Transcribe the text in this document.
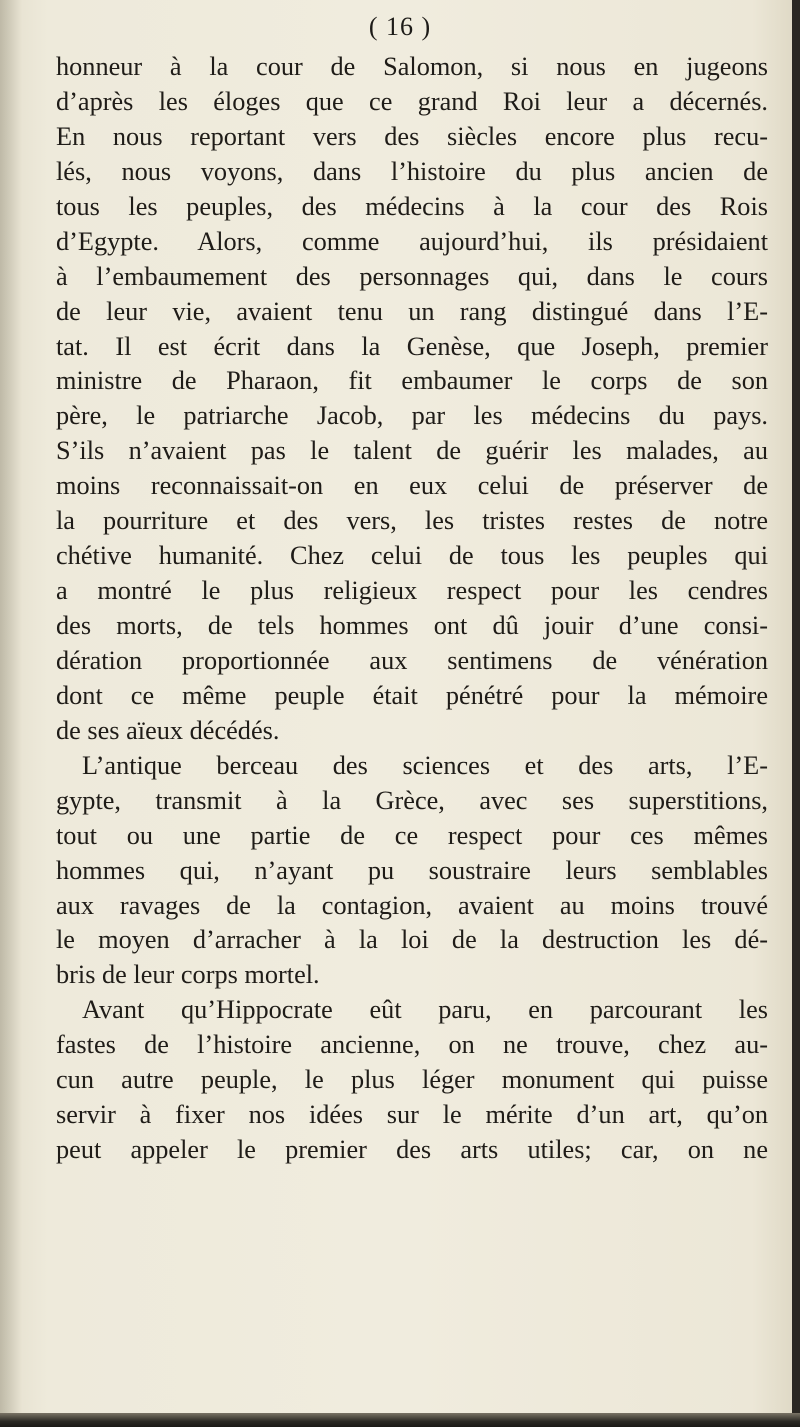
( 16 )
honneur à la cour de Salomon, si nous en jugeons
d’après les éloges que ce grand Roi leur a décernés.
En nous reportant vers des siècles encore plus recu-
lés, nous voyons, dans l’histoire du plus ancien de
tous les peuples, des médecins à la cour des Rois
d’Egypte. Alors, comme aujourd’hui, ils présidaient
à l’embaumement des personnages qui, dans le cours
de leur vie, avaient tenu un rang distingué dans l’E-
tat. Il est écrit dans la Genèse, que Joseph, premier
ministre de Pharaon, fit embaumer le corps de son
père, le patriarche Jacob, par les médecins du pays.
S’ils n’avaient pas le talent de guérir les malades, au
moins reconnaissait-on en eux celui de préserver de
la pourriture et des vers, les tristes restes de notre
chétive humanité. Chez celui de tous les peuples qui
a montré le plus religieux respect pour les cendres
des morts, de tels hommes ont dû jouir d’une consi-
dération proportionnée aux sentimens de vénération
dont ce même peuple était pénétré pour la mémoire
de ses aïeux décédés.
L’antique berceau des sciences et des arts, l’E-
gypte, transmit à la Grèce, avec ses superstitions,
tout ou une partie de ce respect pour ces mêmes
hommes qui, n’ayant pu soustraire leurs semblables
aux ravages de la contagion, avaient au moins trouvé
le moyen d’arracher à la loi de la destruction les dé-
bris de leur corps mortel.
Avant qu’Hippocrate eût paru, en parcourant les
fastes de l’histoire ancienne, on ne trouve, chez au-
cun autre peuple, le plus léger monument qui puisse
servir à fixer nos idées sur le mérite d’un art, qu’on
peut appeler le premier des arts utiles; car, on ne
